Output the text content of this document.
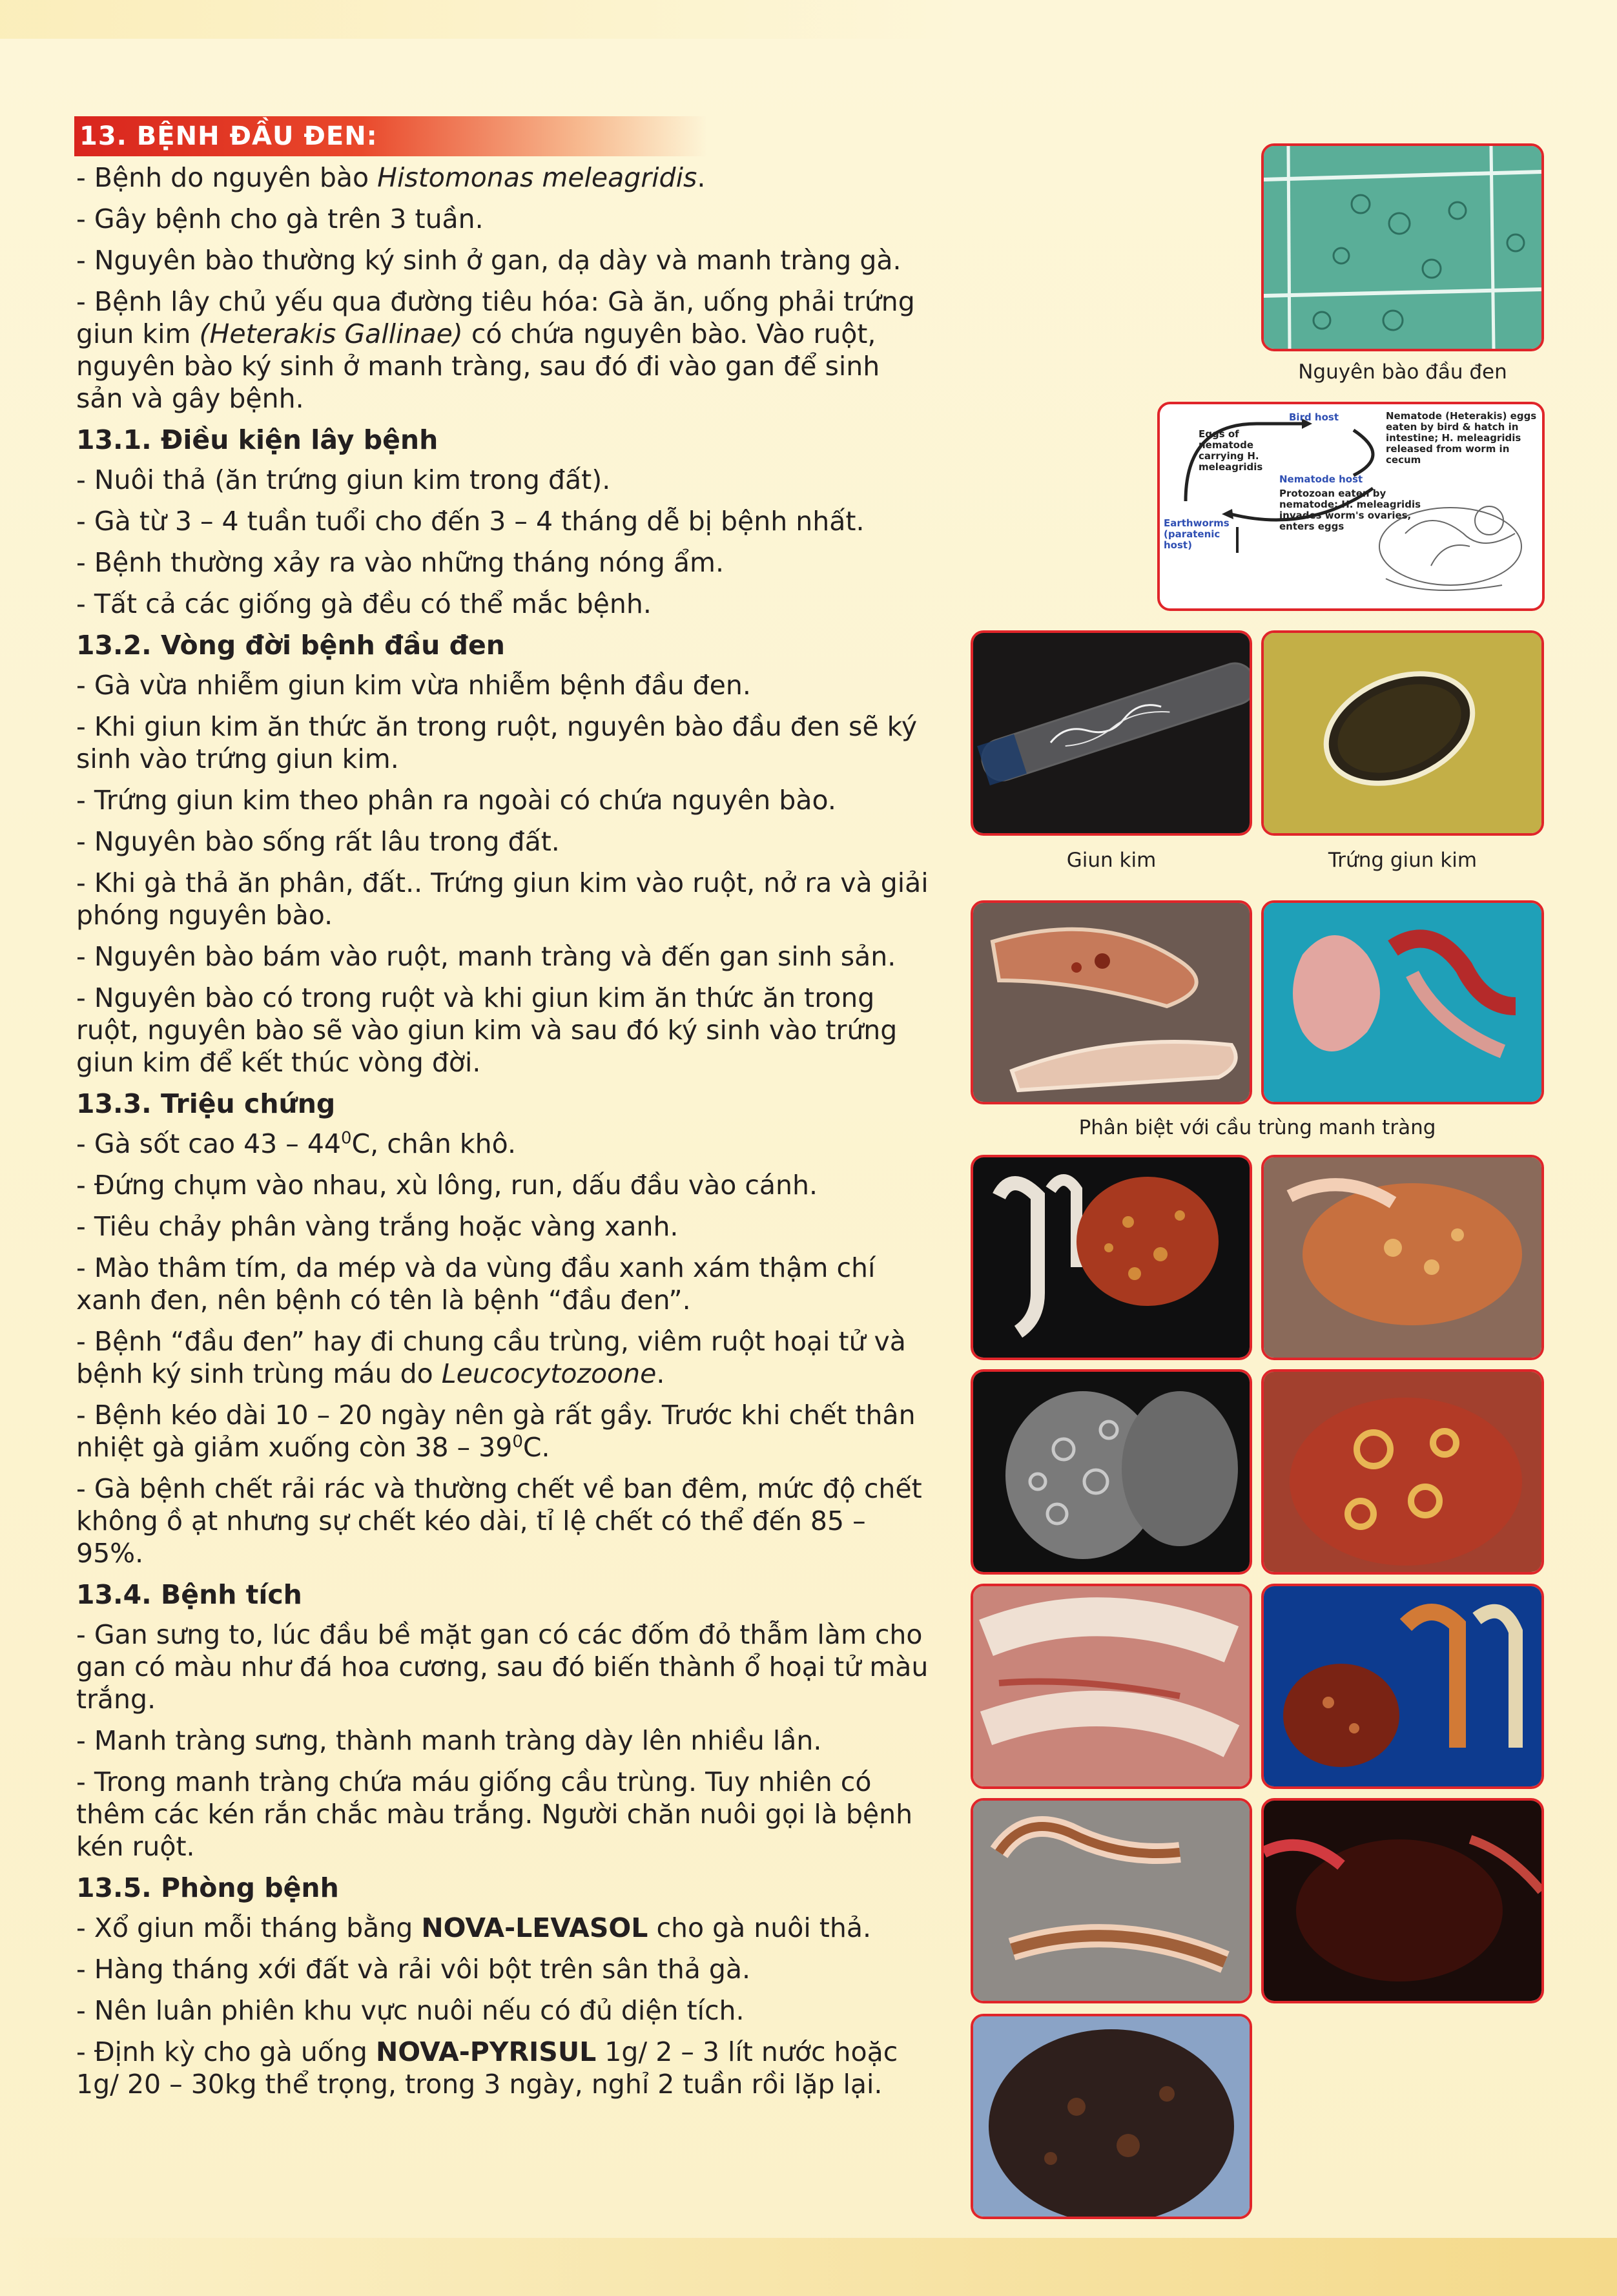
13. BỆNH ĐẦU ĐEN:

- Bệnh do nguyên bào Histomonas meleagridis.

- Gây bệnh cho gà trên 3 tuần.

- Nguyên bào thường ký sinh ở gan, dạ dày và manh tràng gà.

- Bệnh lây chủ yếu qua đường tiêu hóa: Gà ăn, uống phải trứng giun kim (Heterakis Gallinae) có chứa nguyên bào. Vào ruột, nguyên bào ký sinh ở manh tràng, sau đó đi vào gan để sinh sản và gây bệnh.

13.1. Điều kiện lây bệnh

- Nuôi thả (ăn trứng giun kim trong đất).

- Gà từ 3 – 4 tuần tuổi cho đến 3 – 4 tháng dễ bị bệnh nhất.

- Bệnh thường xảy ra vào những tháng nóng ẩm.

- Tất cả các giống gà đều có thể mắc bệnh.

13.2. Vòng đời bệnh đầu đen

- Gà vừa nhiễm giun kim vừa nhiễm bệnh đầu đen.

- Khi giun kim ăn thức ăn trong ruột, nguyên bào đầu đen sẽ ký sinh vào trứng giun kim.

- Trứng giun kim theo phân ra ngoài có chứa nguyên bào.

- Nguyên bào sống rất lâu trong đất.

- Khi gà thả ăn phân, đất.. Trứng giun kim vào ruột, nở ra và giải phóng nguyên bào.

- Nguyên bào bám vào ruột, manh tràng và đến gan sinh sản.

- Nguyên bào có trong ruột và khi giun kim ăn thức ăn trong ruột, nguyên bào sẽ vào giun kim và sau đó ký sinh vào trứng giun kim để kết thúc vòng đời.

13.3. Triệu chứng

- Gà sốt cao $43 - 44^0C$, chân khô.

- Đứng chụm vào nhau, xù lông, run, dấu đầu vào cánh.

- Tiêu chảy phân vàng trắng hoặc vàng xanh.

- Mào thâm tím, da mép và da vùng đầu xanh xám thậm chí xanh đen, nên bệnh có tên là bệnh “đầu đen”.

- Bệnh “đầu đen” hay đi chung cầu trùng, viêm ruột hoại tử và bệnh ký sinh trùng máu do Leucocytozoone.

- Bệnh kéo dài 10 – 20 ngày nên gà rất gầy. Trước khi chết thân nhiệt gà giảm xuống còn $38 - 39^0C$.

- Gà bệnh chết rải rác và thường chết về ban đêm, mức độ chết không ồ ạt nhưng sự chết kéo dài, tỉ lệ chết có thể đến 85 – 95%.

13.4. Bệnh tích

- Gan sưng to, lúc đầu bề mặt gan có các đốm đỏ thẫm làm cho gan có màu như đá hoa cương, sau đó biến thành ổ hoại tử màu trắng.

- Manh tràng sưng, thành manh tràng dày lên nhiều lần.

- Trong manh tràng chứa máu giống cầu trùng. Tuy nhiên có thêm các kén rắn chắc màu trắng. Người chăn nuôi gọi là bệnh kén ruột.

13.5. Phòng bệnh

- Xổ giun mỗi tháng bằng NOVA-LEVASOL cho gà nuôi thả.

- Hàng tháng xới đất và rải vôi bột trên sân thả gà.

- Nên luân phiên khu vực nuôi nếu có đủ diện tích.

- Định kỳ cho gà uống NOVA-PYRISUL 1g/ 2 – 3 lít nước hoặc 1g/ 20 – 30kg thể trọng, trong 3 ngày, nghỉ 2 tuần rồi lặp lại.

Nguyên bào đầu đen
Bird host
Eggs of nematode carrying H. meleagridis
Nematode (Heterakis) eggs eaten by bird & hatch in intestine; H. meleagridis released from worm in cecum
Nematode host
Protozoan eaten by nematode; H. meleagridis invades worm's ovaries, enters eggs
Earthworms (paratenic host)
Giun kim	Trứng giun kim
Phân biệt với cầu trùng manh tràng
